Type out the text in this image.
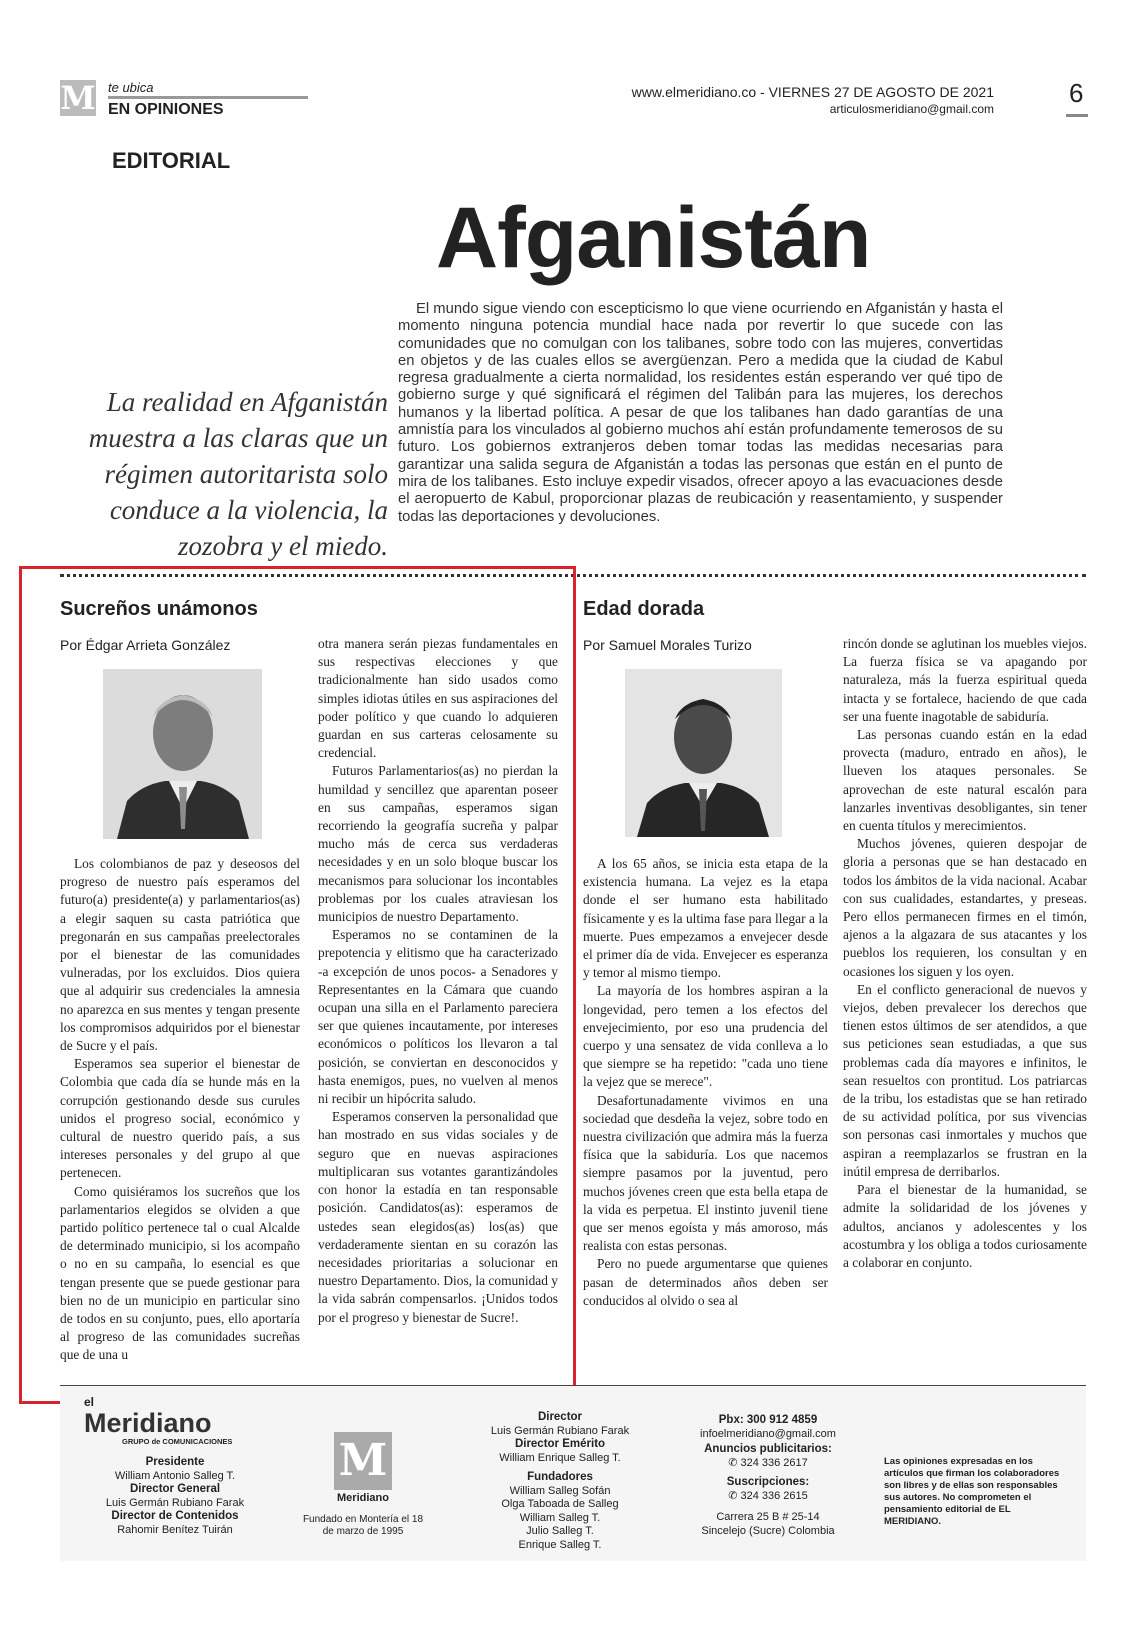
M te ubica
EN OPINIONES
www.elmeridiano.co - VIERNES 27 DE AGOSTO DE 2021
articulosmeridiano@gmail.com
6
EDITORIAL
Afganistán
El mundo sigue viendo con escepticismo lo que viene ocurriendo en Afganistán y hasta el momento ninguna potencia mundial hace nada por revertir lo que sucede con las comunidades que no comulgan con los talibanes, sobre todo con las mujeres, convertidas en objetos y de las cuales ellos se avergüenzan. Pero a medida que la ciudad de Kabul regresa gradualmente a cierta normalidad, los residentes están esperando ver qué tipo de gobierno surge y qué significará el régimen del Talibán para las mujeres, los derechos humanos y la libertad política. A pesar de que los talibanes han dado garantías de una amnistía para los vinculados al gobierno muchos ahí están profundamente temerosos de su futuro. Los gobiernos extranjeros deben tomar todas las medidas necesarias para garantizar una salida segura de Afganistán a todas las personas que están en el punto de mira de los talibanes. Esto incluye expedir visados, ofrecer apoyo a las evacuaciones desde el aeropuerto de Kabul, proporcionar plazas de reubicación y reasentamiento, y suspender todas las deportaciones y devoluciones.
La realidad en Afganistán muestra a las claras que un régimen autoritarista solo conduce a la violencia, la zozobra y el miedo.
Sucreños unámonos
Por Édgar Arrieta González

Los colombianos de paz y deseosos del progreso de nuestro país esperamos del futuro(a) presidente(a) y parlamentarios(as) a elegir saquen su casta patriótica que pregonarán en sus campañas preelectorales por el bienestar de las comunidades vulneradas, por los excluidos. Dios quiera que al adquirir sus credenciales la amnesia no aparezca en sus mentes y tengan presente los compromisos adquiridos por el bienestar de Sucre y el país.

Esperamos sea superior el bienestar de Colombia que cada día se hunde más en la corrupción gestionando desde sus curules unidos el progreso social, económico y cultural de nuestro querido país, a sus intereses personales y del grupo al que pertenecen.

Como quisiéramos los sucreños que los parlamentarios elegidos se olviden a que partido político pertenece tal o cual Alcalde de determinado municipio, si los acompaño o no en su campaña, lo esencial es que tengan presente que se puede gestionar para bien no de un municipio en particular sino de todos en su conjunto, pues, ello aportaría al progreso de las comunidades sucreñas que de una u

otra manera serán piezas fundamentales en sus respectivas elecciones y que tradicionalmente han sido usados como simples idiotas útiles en sus aspiraciones del poder político y que cuando lo adquieren guardan en sus carteras celosamente su credencial.

Futuros Parlamentarios(as) no pierdan la humildad y sencillez que aparentan poseer en sus campañas, esperamos sigan recorriendo la geografía sucreña y palpar mucho más de cerca sus verdaderas necesidades y en un solo bloque buscar los mecanismos para solucionar los incontables problemas por los cuales atraviesan los municipios de nuestro Departamento.

Esperamos no se contaminen de la prepotencia y elitismo que ha caracterizado -a excepción de unos pocos- a Senadores y Representantes en la Cámara que cuando ocupan una silla en el Parlamento pareciera ser que quienes incautamente, por intereses económicos o políticos los llevaron a tal posición, se conviertan en desconocidos y hasta enemigos, pues, no vuelven al menos ni recibir un hipócrita saludo.

Esperamos conserven la personalidad que han mostrado en sus vidas sociales y de seguro que en nuevas aspiraciones multiplicaran sus votantes garantizándoles con honor la estadía en tan responsable posición. Candidatos(as): esperamos de ustedes sean elegidos(as) los(as) que verdaderamente sientan en su corazón las necesidades prioritarias a solucionar en nuestro Departamento. Dios, la comunidad y la vida sabrán compensarlos. ¡Unidos todos por el progreso y bienestar de Sucre!.

Edad dorada
Por Samuel Morales Turizo

A los 65 años, se inicia esta etapa de la existencia humana. La vejez es la etapa donde el ser humano esta habilitado físicamente y es la ultima fase para llegar a la muerte. Pues empezamos a envejecer desde el primer día de vida. Envejecer es esperanza y temor al mismo tiempo.

La mayoría de los hombres aspiran a la longevidad, pero temen a los efectos del envejecimiento, por eso una prudencia del cuerpo y una sensatez de vida conlleva a lo que siempre se ha repetido: "cada uno tiene la vejez que se merece".

Desafortunadamente vivimos en una sociedad que desdeña la vejez, sobre todo en nuestra civilización que admira más la fuerza física que la sabiduría. Los que nacemos siempre pasamos por la juventud, pero muchos jóvenes creen que esta bella etapa de la vida es perpetua. El instinto juvenil tiene que ser menos egoísta y más amoroso, más realista con estas personas.

Pero no puede argumentarse que quienes pasan de determinados años deben ser conducidos al olvido o sea al

rincón donde se aglutinan los muebles viejos. La fuerza física se va apagando por naturaleza, más la fuerza espiritual queda intacta y se fortalece, haciendo de que cada ser una fuente inagotable de sabiduría.

Las personas cuando están en la edad provecta (maduro, entrado en años), le llueven los ataques personales. Se aprovechan de este natural escalón para lanzarles inventivas desobligantes, sin tener en cuenta títulos y merecimientos.

Muchos jóvenes, quieren despojar de gloria a personas que se han destacado en todos los ámbitos de la vida nacional. Acabar con sus cualidades, estandartes, y preseas. Pero ellos permanecen firmes en el timón, ajenos a la algazara de sus atacantes y los pueblos los requieren, los consultan y en ocasiones los siguen y los oyen.

En el conflicto generacional de nuevos y viejos, deben prevalecer los derechos que tienen estos últimos de ser atendidos, a que sus peticiones sean estudiadas, a que sus problemas cada día mayores e infinitos, le sean resueltos con prontitud. Los patriarcas de la tribu, los estadistas que se han retirado de su actividad política, por sus vivencias son personas casi inmortales y muchos que aspiran a reemplazarlos se frustran en la inútil empresa de derribarlos.

Para el bienestar de la humanidad, se admite la solidaridad de los jóvenes y adultos, ancianos y adolescentes y los acostumbra y los obliga a todos curiosamente a colaborar en conjunto.

el
Meridiano
GRUPO de COMUNICACIONES
Presidente
William Antonio Salleg T.
Director General
Luis Germán Rubiano Farak
Director de Contenidos
Rahomir Benítez Tuirán
M
Meridiano
Fundado en Montería el 18 de marzo de 1995
Director
Luis Germán Rubiano Farak
Director Emérito
William Enrique Salleg T.
Fundadores
William Salleg Sofán
Olga Taboada de Salleg
William Salleg T.
Julio Salleg T.
Enrique Salleg T.
Pbx: 300 912 4859
infoelmeridiano@gmail.com
Anuncios publicitarios:
✆ 324 336 2617
Suscripciones:
✆ 324 336 2615
Carrera 25 B # 25-14
Sincelejo (Sucre) Colombia
Las opiniones expresadas en los artículos que firman los colaboradores son libres y de ellas son responsables sus autores. No comprometen el pensamiento editorial de EL MERIDIANO.
